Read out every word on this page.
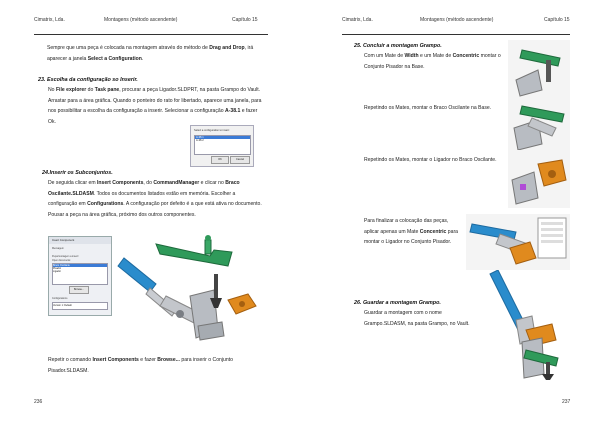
Cimatrix, Lda.	Montagens (método ascendente)	Capítulo 15
Sempre que uma peça é colocada na montagem através do método de Drag and Drop, irá aparecer a janela Select a Configuration.
23. Escolha da configuração so Inserir.
No File explorer do Task pane, procurar a peça Ligador.SLDPRT, na pasta Grampo do Vault. Arrastar para a área gráfica. Quando o ponteiro do rato for libertado, aparece uma janela, para nos possibilitar a escolha da configuração a inserir. Selecionar a configuração A-38.1 e fazer Ok.
Select a configuration to insert:
A-38.1
A-38.2
OK	Cancel
24.Inserir os Subconjuntos.
De seguida clicar em Insert Components, do CommandManager e clicar no Braco Oscilante.SLDASM. Todos os documentos listados estão em memória. Escolher a configuração em Configurations. A configuração por defeito é a que está ativa no documento. Pousar a peça na área gráfica, próximo dos outros componentes.
Insert Component
Mensagem
Peça/montagem a inserir
Open documents:
Braco Oscilante
Pisador
Ligador
Browse...
Configurations
Version 1: Default
Repetir o comando Insert Components e fazer Browse... para inserir o Conjunto Pisador.SLDASM.
236
Cimatrix, Lda.	Montagens (método ascendente)	Capítulo 15
25. Concluir a montagem Grampo.
Com um Mate de Width e um Mate de Concentric montar o Conjunto Pisador na Base.
Repetindo os Mates, montar o Braco Oscilante na Base.
Repetindo os Mates, montar o Ligador no Braco Oscilante.
Para finalizar a colocação das peças, aplicar apenas um Mate Concentric para montar o Ligador no Conjunto Pisador.
26. Guardar a montagem Grampo.
Guardar a montagem com o nome Grampo.SLDASM, na pasta Grampo, no Vault.
237
